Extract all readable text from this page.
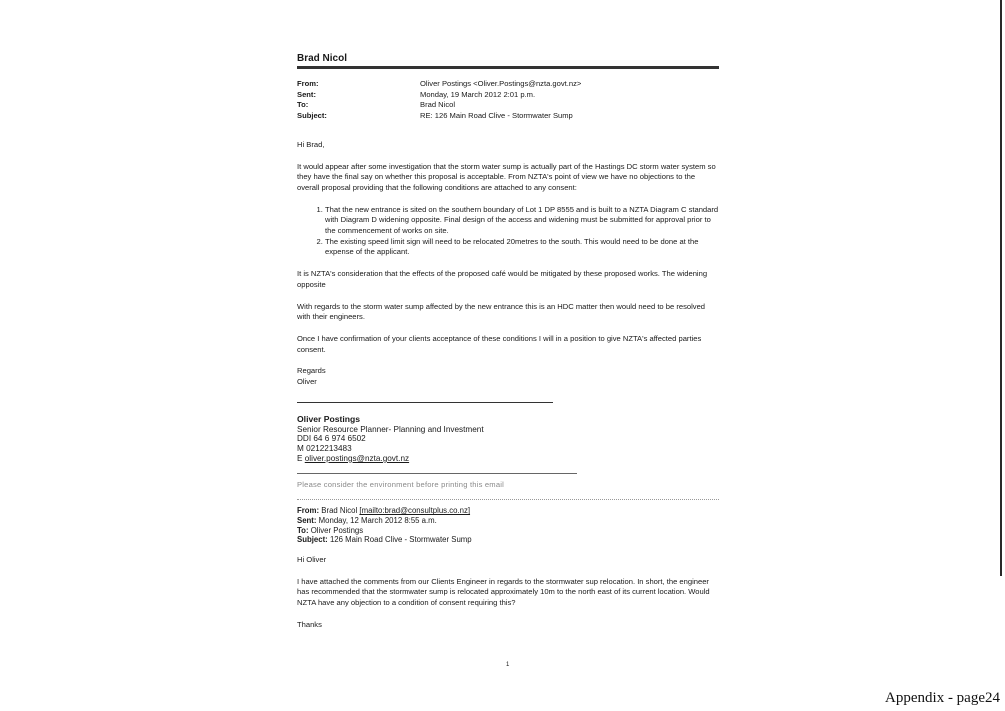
Brad Nicol
From:	Oliver Postings <Oliver.Postings@nzta.govt.nz>
Sent:	Monday, 19 March 2012 2:01 p.m.
To:	Brad Nicol
Subject:	RE: 126 Main Road Clive - Stormwater Sump

Hi Brad,

It would appear after some investigation that the storm water sump is actually part of the Hastings DC storm water system so they have the final say on whether this proposal is acceptable. From NZTA's point of view we have no objections to the overall proposal providing that the following conditions are attached to any consent:

1. That the new entrance is sited on the southern boundary of Lot 1 DP 8555 and is built to a NZTA Diagram C standard with Diagram D widening opposite. Final design of the access and widening must be submitted for approval prior to the commencement of works on site.
2. The existing speed limit sign will need to be relocated 20metres to the south. This would need to be done at the expense of the applicant.

It is NZTA's consideration that the effects of the proposed café would be mitigated by these proposed works. The widening opposite

With regards to the storm water sump affected by the new entrance this is an HDC matter then would need to be resolved with their engineers.

Once I have confirmation of your clients acceptance of these conditions I will in a position to give NZTA's affected parties consent.

Regards

Oliver

Oliver Postings
Senior Resource Planner- Planning and Investment
DDI 64 6 974 6502
M 0212213483
E oliver.postings@nzta.govt.nz
Please consider the environment before printing this email
From: Brad Nicol [mailto:brad@consultplus.co.nz]
Sent: Monday, 12 March 2012 8:55 a.m.
To: Oliver Postings
Subject: 126 Main Road Clive - Stormwater Sump

Hi Oliver

I have attached the comments from our Clients Engineer in regards to the stormwater sup relocation. In short, the engineer has recommended that the stormwater sump is relocated approximately 10m to the north east of its current location. Would NZTA have any objection to a condition of consent requiring this?

Thanks

1
Appendix - page24
